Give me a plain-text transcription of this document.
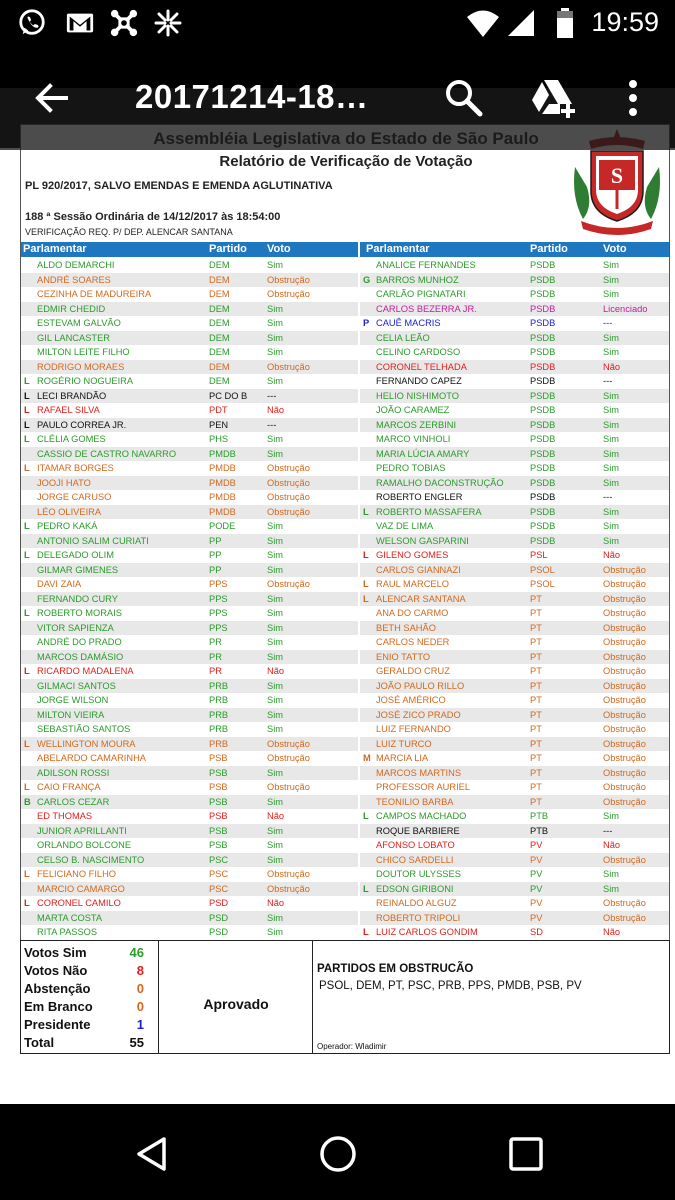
19:59
Relatório de Verificação de Votação
PL 920/2017, SALVO EMENDAS E EMENDA AGLUTINATIVA
188 ª Sessão Ordinária de 14/12/2017 às 18:54:00
VERIFICAÇÃO REQ. P/ DEP. ALENCAR SANTANA
S
Parlamentar	Partido Voto	Parlamentar	Partido	Voto
ALDO DEMARCHI	DEM	Sim
ANDRÉ SOARES	DEM	Obstrução
CEZINHA DE MADUREIRA	DEM	Obstrução
EDMIR CHEDID	DEM	Sim
ESTEVAM GALVÃO	DEM	Sim
GIL LANCASTER	DEM	Sim
MILTON LEITE FILHO	DEM	Sim
RODRIGO MORAES	DEM	Obstrução
L ROGÉRIO NOGUEIRA	DEM	Sim
L LECI BRANDÃO	PC DO B ---
L RAFAEL SILVA	PDT	Não
L PAULO CORREA JR.	PEN	---
L CLÉLIA GOMES	PHS	Sim
CASSIO DE CASTRO NAVARRO	PMDB	Sim
L ITAMAR BORGES	PMDB	Obstrução
JOOJI HATO	PMDB	Obstrução
JORGE CARUSO	PMDB	Obstrução
LÉO OLIVEIRA	PMDB	Obstrução
L PEDRO KAKÁ	PODE	Sim
ANTONIO SALIM CURIATI	PP	Sim
L DELEGADO OLIM	PP	Sim
GILMAR GIMENES	PP	Sim
DAVI ZAIA	PPS	Obstrução
FERNANDO CURY	PPS	Sim
L ROBERTO MORAIS	PPS	Sim
VITOR SAPIENZA	PPS	Sim
ANDRÉ DO PRADO	PR	Sim
MARCOS DAMÁSIO	PR	Sim
L RICARDO MADALENA	PR	Não
GILMACI SANTOS	PRB	Sim
JORGE WILSON	PRB	Sim
MILTON VIEIRA	PRB	Sim
SEBASTIÃO SANTOS	PRB	Sim
L WELLINGTON MOURA	PRB	Obstrução
ABELARDO CAMARINHA	PSB	Obstrução
ADILSON ROSSI	PSB	Sim
L CAIO FRANÇA	PSB	Obstrução
B CARLOS CEZAR	PSB	Sim
ED THOMAS	PSB	Não
JUNIOR APRILLANTI	PSB	Sim
ORLANDO BOLCONE	PSB	Sim
CELSO B. NASCIMENTO	PSC	Sim
L FELICIANO FILHO	PSC	Obstrução
MARCIO CAMARGO	PSC	Obstrução
L CORONEL CAMILO	PSD	Não
MARTA COSTA	PSD	Sim
RITA PASSOS	PSD	Sim
ANALICE FERNANDES	PSDB	Sim
G BARROS MUNHOZ	PSDB	Sim
CARLÃO PIGNATARI	PSDB	Sim
CARLOS BEZERRA JR.	PSDB	Licenciado
P CAUÊ MACRIS	PSDB	---
CELIA LEÃO	PSDB	Sim
CELINO CARDOSO	PSDB	Sim
CORONEL TELHADA	PSDB	Não
FERNANDO CAPEZ	PSDB	---
HELIO NISHIMOTO	PSDB	Sim
JOÃO CARAMEZ	PSDB	Sim
MARCOS ZERBINI	PSDB	Sim
MARCO VINHOLI	PSDB	Sim
MARIA LÚCIA AMARY	PSDB	Sim
PEDRO TOBIAS	PSDB	Sim
RAMALHO DACONSTRUÇÃO	PSDB	Sim
ROBERTO ENGLER	PSDB	---
L ROBERTO MASSAFERA	PSDB	Sim
VAZ DE LIMA	PSDB	Sim
WELSON GASPARINI	PSDB	Sim
L GILENO GOMES	PSL	Não
CARLOS GIANNAZI	PSOL	Obstrução
L RAUL MARCELO	PSOL	Obstrução
L ALENCAR SANTANA	PT	Obstrução
ANA DO CARMO	PT	Obstrução
BETH SAHÃO	PT	Obstrução
CARLOS NEDER	PT	Obstrução
ENIO TATTO	PT	Obstrução
GERALDO CRUZ	PT	Obstrução
JOÃO PAULO RILLO	PT	Obstrução
JOSÉ AMÉRICO	PT	Obstrução
JOSÉ ZICO PRADO	PT	Obstrução
LUIZ FERNANDO	PT	Obstrução
LUIZ TURCO	PT	Obstrução
M MARCIA LIA	PT	Obstrução
MARCOS MARTINS	PT	Obstrução
PROFESSOR AURIEL	PT	Obstrução
TEONILIO BARBA	PT	Obstrução
L CAMPOS MACHADO	PTB	Sim
ROQUE BARBIERE	PTB	---
AFONSO LOBATO	PV	Não
CHICO SARDELLI	PV	Obstrução
DOUTOR ULYSSES	PV	Sim
L EDSON GIRIBONI	PV	Sim
REINALDO ALGUZ	PV	Obstrução
ROBERTO TRIPOLI	PV	Obstrução
L LUIZ CARLOS GONDIM	SD	Não
Votos Sim	46
Votos Não	8
Abstenção	0
Em Branco	0
Presidente	1
Total	55
Aprovado
PARTIDOS EM OBSTRUCÃO
PSOL, DEM, PT, PSC, PRB, PPS, PMDB, PSB, PV
Operador: Wladimir
20171214-18…
